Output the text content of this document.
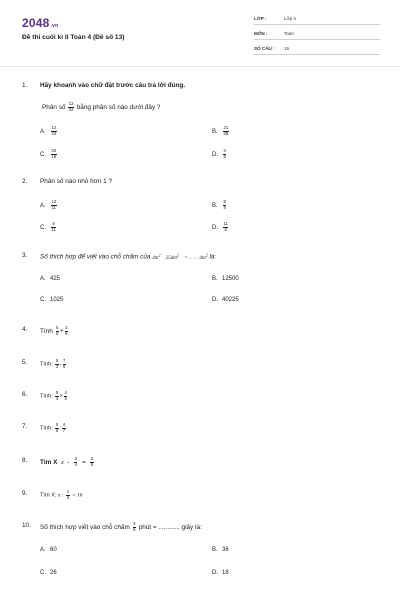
2048.vn
Đề thi cuối kì II Toán 4 (Đề số 13)
LỚP :	Lớp 4
MÔN :	Toán
SỐ CÂU : 15
1.	Hãy khoanh vào chữ đặt trước câu trả lời đúng.
Phân số $\frac{12}{32}$ bằng phân số nào dưới đây ?
A. $\frac{12}{24}$	B. $\frac{21}{36}$
C. $\frac{20}{18}$	D. $\frac{3}{8}$
2.	Phân số nào nhỏ hơn 1 ?
A. $\frac{12}{11}$	B. $\frac{8}{8}$
C. $\frac{6}{11}$	D. $\frac{11}{8}$
3.	Số thích hợp để viết vào chỗ chấm của $4m^2$   $25dm^2$   = . . . . $dm^2$ là:
A. 425	B. 12500
C. 1025	D. 40225
4.	Tính $\frac{5}{6} + \frac{3}{8}$
5.	Tính: $\frac{5}{3} - \frac{7}{6}$
6.	Tính: $\frac{5}{4} \times \frac{4}{5}$
7.	Tính: $\frac{5}{8}$ : $\frac{4}{7}$
8.	Tìm X $x - \frac{3}{4} = \frac{3}{5}$
9.	Tìm X: x : $\frac{1}{3} = 16$
10.	Số thích hợp viết vào chỗ chấm $\frac{3}{5}$ phút = ............ giây là:
A. 60	B. 36
C. 26	D. 18
